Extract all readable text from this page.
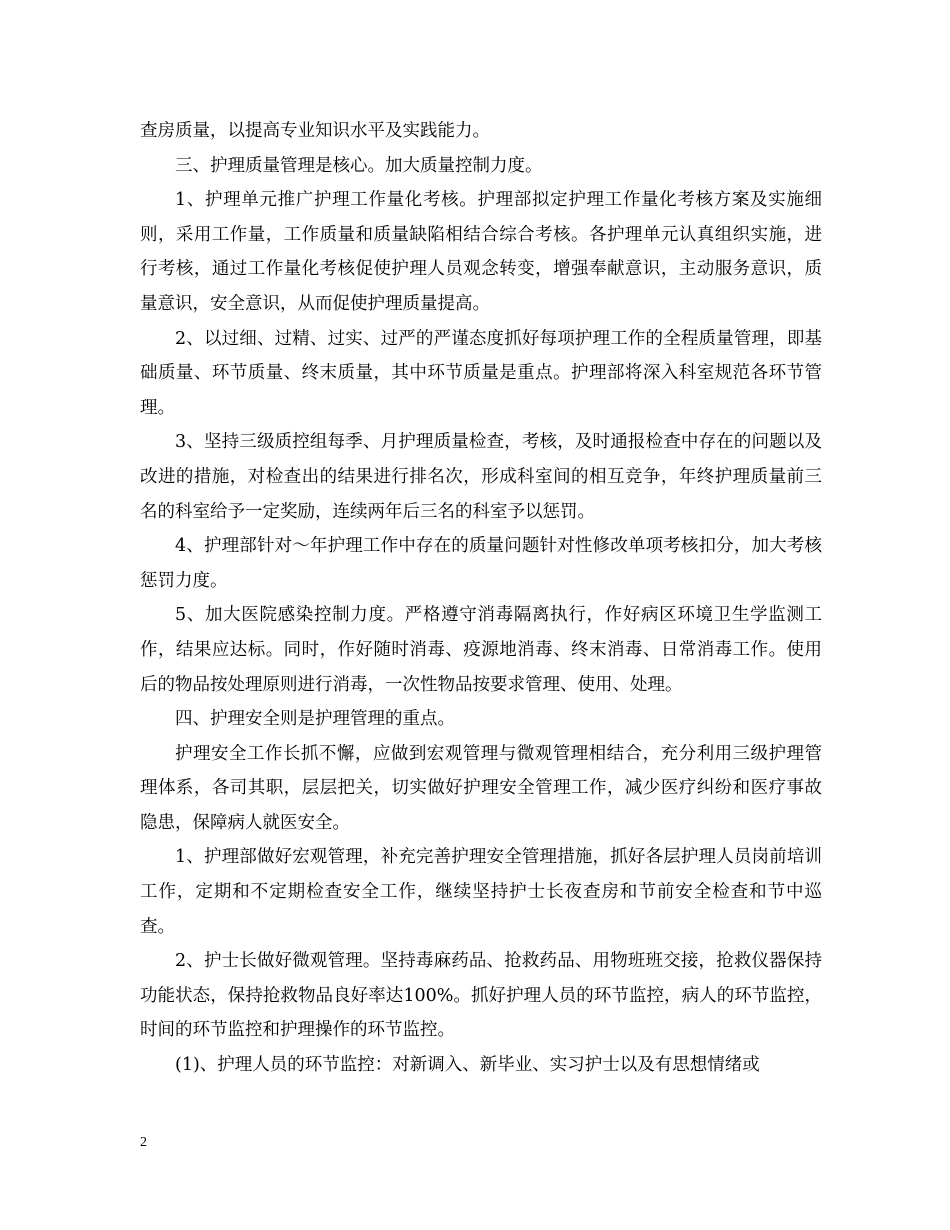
查房质量，以提高专业知识水平及实践能力。

三、护理质量管理是核心。加大质量控制力度。

1、护理单元推广护理工作量化考核。护理部拟定护理工作量化考核方案及实施细则，采用工作量，工作质量和质量缺陷相结合综合考核。各护理单元认真组织实施，进行考核，通过工作量化考核促使护理人员观念转变，增强奉献意识，主动服务意识，质量意识，安全意识，从而促使护理质量提高。

2、以过细、过精、过实、过严的严谨态度抓好每项护理工作的全程质量管理，即基础质量、环节质量、终末质量，其中环节质量是重点。护理部将深入科室规范各环节管理。

3、坚持三级质控组每季、月护理质量检查，考核，及时通报检查中存在的问题以及改进的措施，对检查出的结果进行排名次，形成科室间的相互竞争，年终护理质量前三名的科室给予一定奖励，连续两年后三名的科室予以惩罚。

4、护理部针对～年护理工作中存在的质量问题针对性修改单项考核扣分，加大考核惩罚力度。

5、加大医院感染控制力度。严格遵守消毒隔离执行，作好病区环境卫生学监测工作，结果应达标。同时，作好随时消毒、疫源地消毒、终末消毒、日常消毒工作。使用后的物品按处理原则进行消毒，一次性物品按要求管理、使用、处理。

四、护理安全则是护理管理的重点。

护理安全工作长抓不懈，应做到宏观管理与微观管理相结合，充分利用三级护理管理体系，各司其职，层层把关，切实做好护理安全管理工作，减少医疗纠纷和医疗事故隐患，保障病人就医安全。

1、护理部做好宏观管理，补充完善护理安全管理措施，抓好各层护理人员岗前培训工作，定期和不定期检查安全工作，继续坚持护士长夜查房和节前安全检查和节中巡查。

2、护士长做好微观管理。坚持毒麻药品、抢救药品、用物班班交接，抢救仪器保持功能状态，保持抢救物品良好率达100%。抓好护理人员的环节监控，病人的环节监控，时间的环节监控和护理操作的环节监控。

(1)、护理人员的环节监控：对新调入、新毕业、实习护士以及有思想情绪或

2
